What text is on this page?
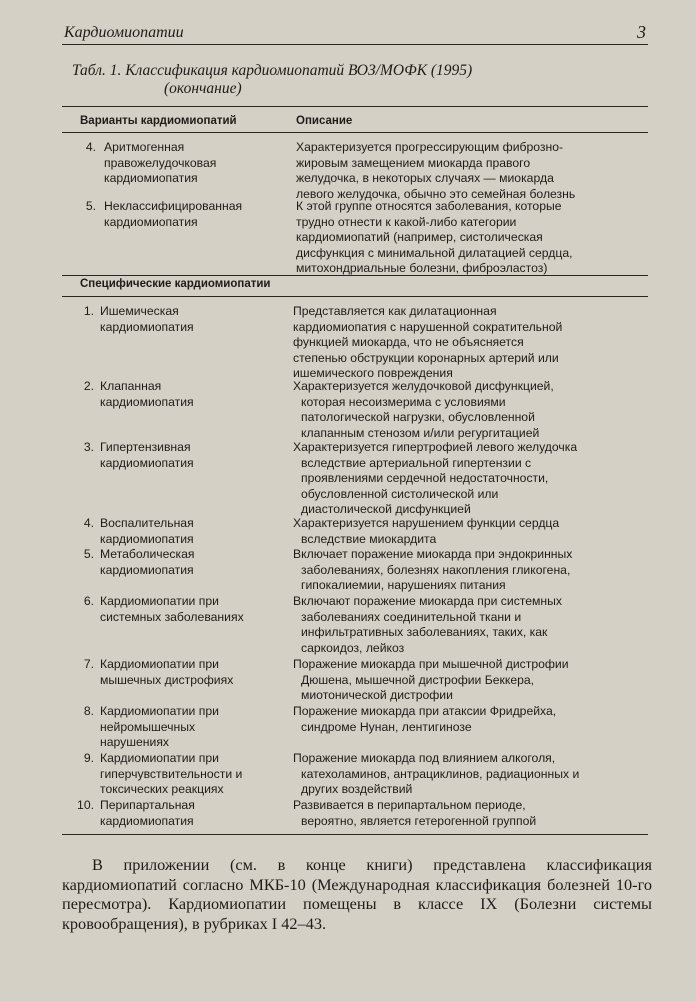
Кардиомиопатии	3
Табл. 1. Классификация кардиомиопатий ВОЗ/МОФК (1995)
(окончание)
Варианты кардиомиопатий	Описание
4. Аритмогенная
правожелудочковая
кардиомиопатия
Характеризуется прогрессирующим фиброзно-
жировым замещением миокарда правого
желудочка, в некоторых случаях — миокарда
левого желудочка, обычно это семейная болезнь
5. Неклассифицированная
кардиомиопатия
К этой группе относятся заболевания, которые
трудно отнести к какой-либо категории
кардиомиопатий (например, систолическая
дисфункция с минимальной дилатацией сердца,
митохондриальные болезни, фиброэластоз)
Специфические кардиомиопатии
1. Ишемическая
кардиомиопатия
Представляется как дилатационная
кардиомиопатия с нарушенной сократительной
функцией миокарда, что не объясняется
степенью обструкции коронарных артерий или
ишемического повреждения
2. Клапанная
кардиомиопатия
Характеризуется желудочковой дисфункцией,
которая несоизмерима с условиями
патологической нагрузки, обусловленной
клапанным стенозом и/или регургитацией
3. Гипертензивная
кардиомиопатия
Характеризуется гипертрофией левого желудочка
вследствие артериальной гипертензии с
проявлениями сердечной недостаточности,
обусловленной систолической или
диастолической дисфункцией
4. Воспалительная
кардиомиопатия
Характеризуется нарушением функции сердца
вследствие миокардита
5. Метаболическая
кардиомиопатия
Включает поражение миокарда при эндокринных
заболеваниях, болезнях накопления гликогена,
гипокалиемии, нарушениях питания
6. Кардиомиопатии при
системных заболеваниях
Включают поражение миокарда при системных
заболеваниях соединительной ткани и
инфильтративных заболеваниях, таких, как
саркоидоз, лейкоз
7. Кардиомиопатии при
мышечных дистрофиях
Поражение миокарда при мышечной дистрофии
Дюшена, мышечной дистрофии Беккера,
миотонической дистрофии
8. Кардиомиопатии при
нейромышечных
нарушениях
Поражение миокарда при атаксии Фридрейха,
синдроме Нунан, лентигинозе
9. Кардиомиопатии при
гиперчувствительности и
токсических реакциях
Поражение миокарда под влиянием алкоголя,
катехоламинов, антрациклинов, радиационных и
других воздействий
10. Перипартальная
кардиомиопатия
Развивается в перипартальном периоде,
вероятно, является гетерогенной группой
В приложении (см. в конце книги) представлена классификация кардиомиопатий согласно МКБ-10 (Международная классификация болезней 10-го пересмотра). Кардиомиопатии помещены в классе IX (Болезни системы кровообращения), в рубриках I 42–43.
